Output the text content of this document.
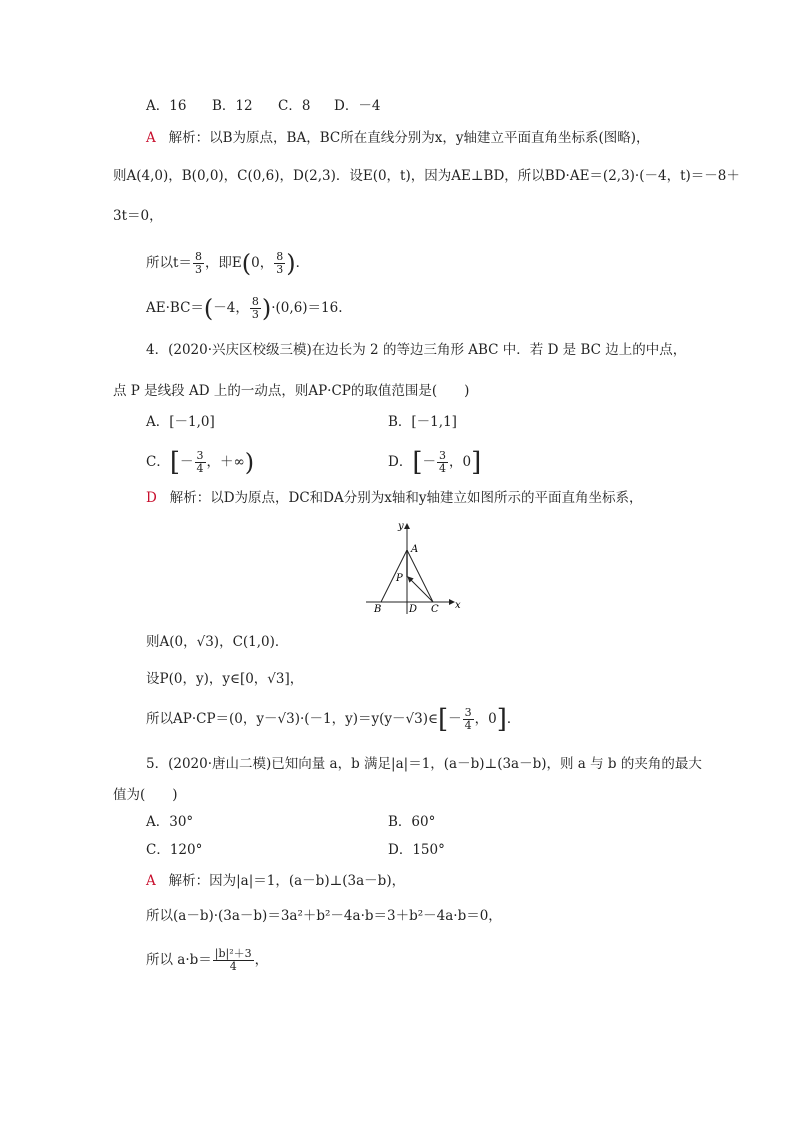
A．16 B．12 C．8 D．－4
A 解析：以B为原点，BA，BC所在直线分别为x，y轴建立平面直角坐标系(图略)，
则A(4,0)，B(0,0)，C(0,6)，D(2,3)．设E(0，t)，因为AE⊥BD，所以BD·AE＝(2,3)·(－4，t)＝－8＋
3t＝0，
所以$t= \frac{8}{3}$ ，即E(0， $\frac{8}{3}$ )．
AE·BC＝(－4， $\frac{8}{3} )\cdot(0,6)=16$.
4．(2020·兴庆区校级三模)在边长为 2 的等边三角形 ABC 中．若 D 是 BC 边上的中点，
点 P 是线段 AD 上的一动点，则AP·CP的取值范围是(　　)
A．[－1,0]	B．[－1,1]
C．[－ $\frac{3}{4}$ ，＋∞)	D．[－ $\frac{3}{4}$ ，0]
D 解析：以D为原点，DC和DA分别为x轴和y轴建立如图所示的平面直角坐标系，
y
x
A
P
B	D C
则A(0，√3)，C(1,0)．
设P(0，y)，y∈[0，√3]，
所以AP·CP＝(0，y－√3)·(－1，y)＝y(y－√3)∈[－ $\frac{3}{4}$ ，0]．
5．(2020·唐山二模)已知向量 a，b 满足|a|＝1，(a－b)⊥(3a－b)，则 a 与 b 的夹角的最大
值为(　　)
A．30°	B．60°
C．120°	D．150°
A 解析：因为|a|＝1，(a－b)⊥(3a－b)，
所以(a－b)·(3a－b)＝3a²＋b²－4a·b＝3＋b²－4a·b＝0，
所以 $a\cdot b= \frac{\text{|b|²＋3}}{4}$ ，
